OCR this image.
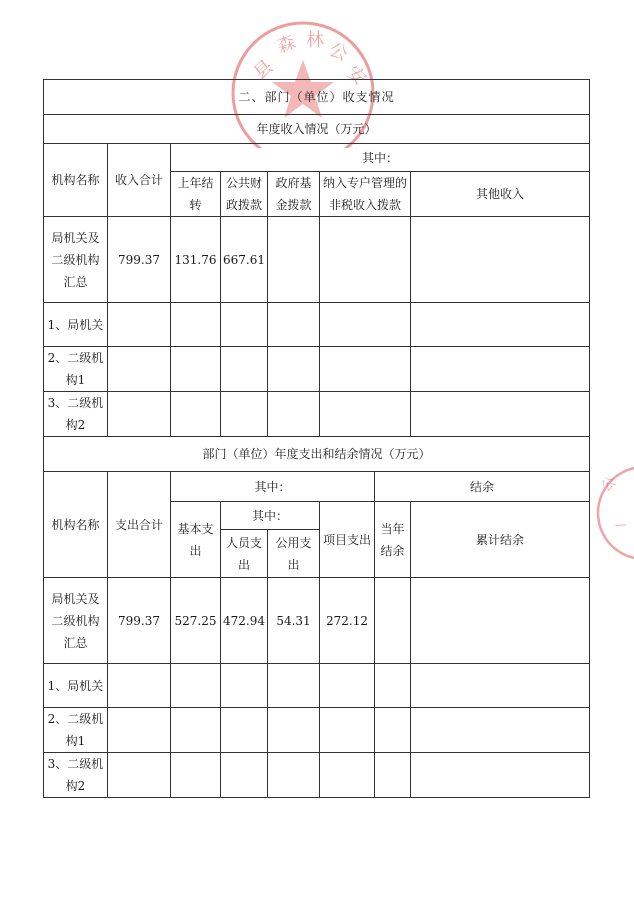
县
森 林 公
安
公
ー
二、部门（单位）收支情况							
年度收入情况（万元）							
机构名称	收入合计	其中：					
		上年结转	公共财政拨款	政府基金拨款	纳入专户管理的非税收入拨款		其他收入
局机关及二级机构汇总	799.37	131.76	667.61				
1、局机关							
2、二级机构1							
3、二级机构2							
部门（单位）年度支出和结余情况（万元）							
机构名称	支出合计	其中：				结余	
		基本支出	其中：		项目支出	当年结余	累计结余
			人员支出	公用支出			
局机关及二级机构汇总	799.37	527.25	472.94	54.31	272.12		
1、局机关							
2、二级机构1							
3、二级机构2							
